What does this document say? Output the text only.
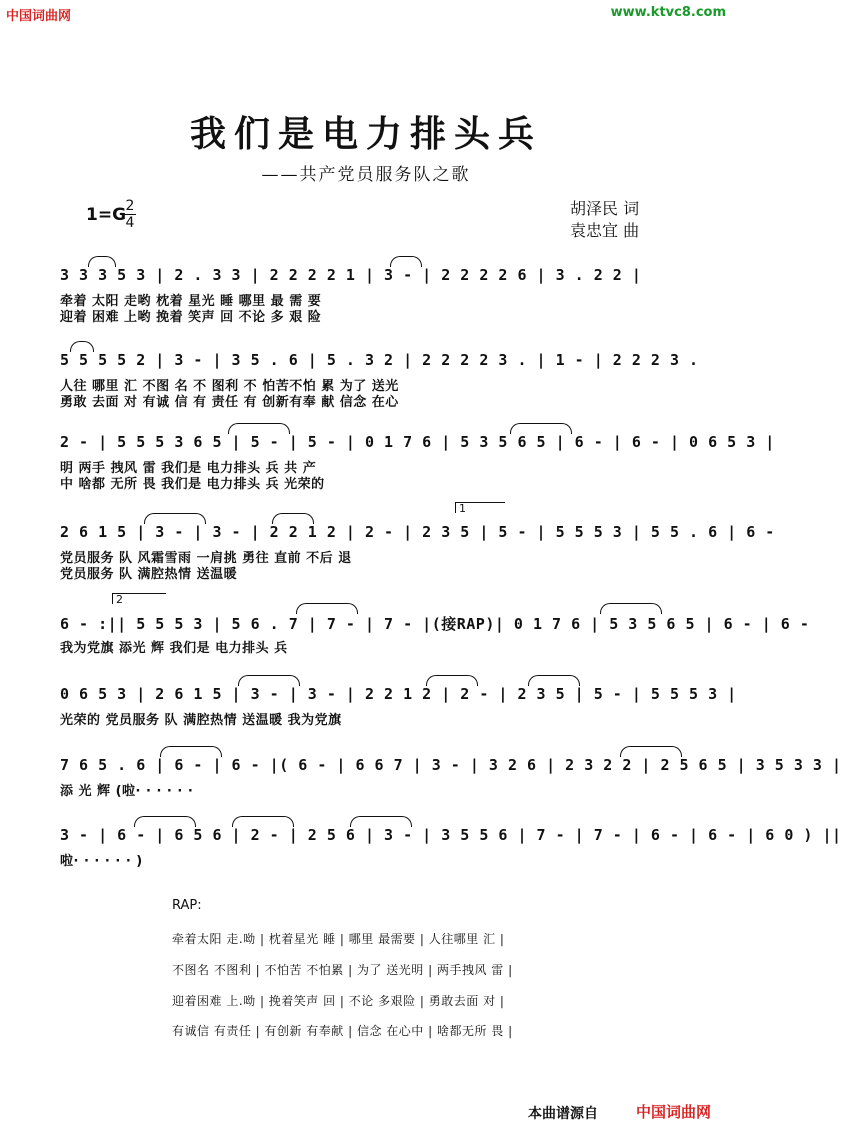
中国词曲网	www.ktvc8.com
我们是电力排头兵
——共产党员服务队之歌
1=G 2
4
胡泽民 词
袁忠宜 曲
3 3 3 5 3 | 2 . 3 3 | 2 2 2 2 1 | 3 - | 2 2 2 2 6 | 3 . 2 2 |
牵着 太阳 走哟 枕着 星光 睡 哪里 最 需 要
迎着 困难 上哟 挽着 笑声 回 不论 多 艰 险
5 5 5 5 2 | 3 - | 3 5 . 6 | 5 . 3 2 | 2 2 2 2 3 . | 1 - | 2 2 2 3 .
人往 哪里 汇 不图 名 不 图利 不 怕苦不怕 累 为了 送光
勇敢 去面 对 有诚 信 有 责任 有 创新有奉 献 信念 在心
2 - | 5 5 5 3 6 5 | 5 - | 5 - | 0 1 7 6 | 5 3 5 6 5 | 6 - | 6 - | 0 6 5 3 |
明 两手 拽风 雷 我们是 电力排头 兵 共 产
中 啥都 无所 畏 我们是 电力排头 兵 光荣的
1
2 6 1 5 | 3 - | 3 - | 2 2 1 2 | 2 - | 2 3 5 | 5 - | 5 5 5 3 | 5 5 . 6 | 6 -
党员服务 队 风霜雪雨 一肩挑 勇往 直前 不后 退
党员服务 队 满腔热情 送温暖
2
6 - :|| 5 5 5 3 | 5 6 . 7 | 7 - | 7 - |(接RAP)| 0 1 7 6 | 5 3 5 6 5 | 6 - | 6 -
我为党旗 添光 辉 我们是 电力排头 兵
0 6 5 3 | 2 6 1 5 | 3 - | 3 - | 2 2 1 2 | 2 - | 2 3 5 | 5 - | 5 5 5 3 |
光荣的 党员服务 队 满腔热情 送温暖 我为党旗
7 6 5 . 6 | 6 - | 6 - |( 6 - | 6 6 7 | 3 - | 3 2 6 | 2 3 2 2 | 2 5 6 5 | 3 5 3 3 |
添 光 辉 (啦· · · · · ·
3 - | 6 - | 6 5 6 | 2 - | 2 5 6 | 3 - | 3 5 5 6 | 7 - | 7 - | 6 - | 6 - | 6 0 ) ||
啦· · · · · · )
RAP:
牵着太阳 走.呦 | 枕着星光 睡 | 哪里 最需要 | 人往哪里 汇 |
不图名 不图利 | 不怕苦 不怕累 | 为了 送光明 | 两手拽风 雷 |
迎着困难 上.呦 | 挽着笑声 回 | 不论 多艰险 | 勇敢去面 对 |
有诚信 有责任 | 有创新 有奉献 | 信念 在心中 | 啥都无所 畏 |
本曲谱源自	中国词曲网
